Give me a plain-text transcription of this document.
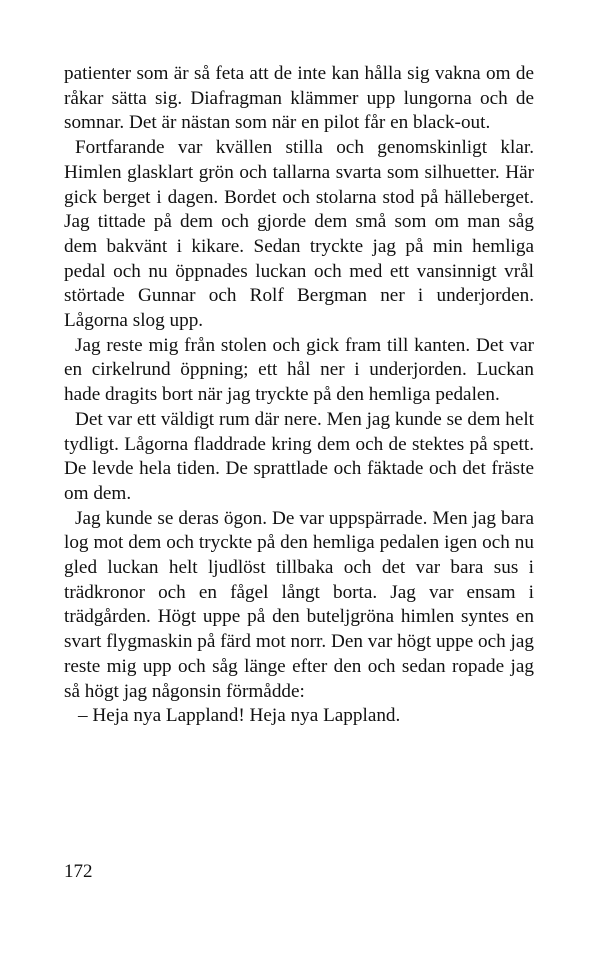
patienter som är så feta att de inte kan hålla sig vakna om de råkar sätta sig. Diafragman klämmer upp lungorna och de somnar. Det är nästan som när en pilot får en black-out.

Fortfarande var kvällen stilla och genomskinligt klar. Himlen glasklart grön och tallarna svarta som silhuetter. Här gick berget i dagen. Bordet och stolarna stod på hälleberget. Jag tittade på dem och gjorde dem små som om man såg dem bakvänt i kikare. Sedan tryckte jag på min hemliga pedal och nu öppnades luckan och med ett vansinnigt vrål störtade Gunnar och Rolf Bergman ner i underjorden. Lågorna slog upp.

Jag reste mig från stolen och gick fram till kanten. Det var en cirkelrund öppning; ett hål ner i underjorden. Luckan hade dragits bort när jag tryckte på den hemliga pedalen.

Det var ett väldigt rum där nere. Men jag kunde se dem helt tydligt. Lågorna fladdrade kring dem och de stektes på spett. De levde hela tiden. De sprattlade och fäktade och det fräste om dem.

Jag kunde se deras ögon. De var uppspärrade. Men jag bara log mot dem och tryckte på den hemliga pedalen igen och nu gled luckan helt ljudlöst tillbaka och det var bara sus i trädkronor och en fågel långt borta. Jag var ensam i trädgården. Högt uppe på den buteljgröna himlen syntes en svart flygmaskin på färd mot norr. Den var högt uppe och jag reste mig upp och såg länge efter den och sedan ropade jag så högt jag någonsin förmådde:

– Heja nya Lappland! Heja nya Lappland.

172
